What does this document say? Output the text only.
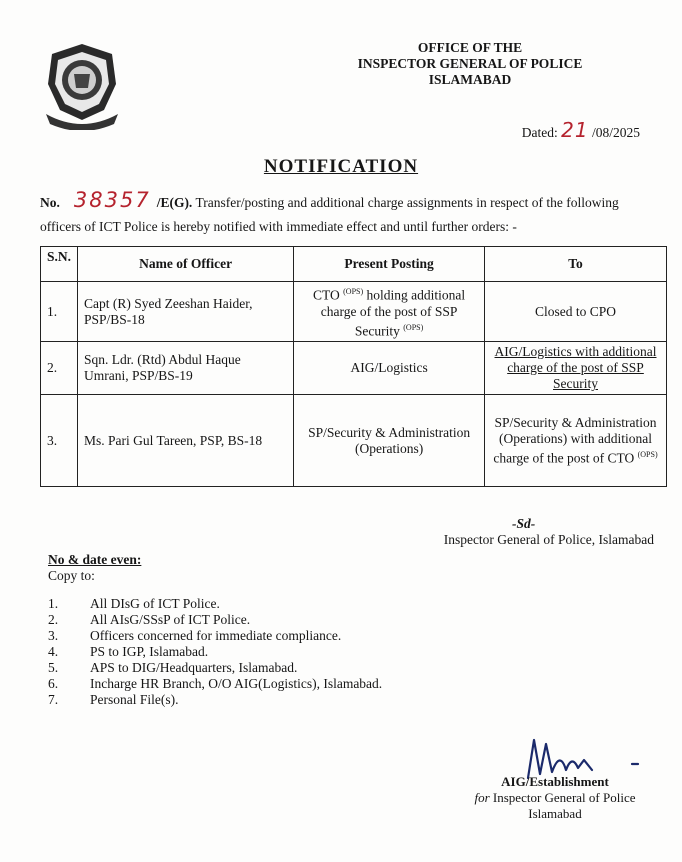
OFFICE OF THE
INSPECTOR GENERAL OF POLICE
ISLAMABAD
Dated: 21 /08/2025
NOTIFICATION
No. 38357 /E(G). Transfer/posting and additional charge assignments in respect of the following officers of ICT Police is hereby notified with immediate effect and until further orders: -
S.N.	Name of Officer	Present Posting	To
1.	Capt (R) Syed Zeeshan Haider, PSP/BS-18	CTO $^{(OPS)}$ holding additional charge of the post of SSP Security $^{(OPS)}$	Closed to CPO
2.	Sqn. Ldr. (Rtd) Abdul Haque Umrani, PSP/BS-19	AIG/Logistics	AIG/Logistics with additional charge of the post of SSP Security
3.	Ms. Pari Gul Tareen, PSP, BS-18	SP/Security & Administration (Operations)	SP/Security & Administration (Operations) with additional charge of the post of CTO $^{(OPS)}$
-Sd-
Inspector General of Police, Islamabad
No & date even:
Copy to:
1.	All DIsG of ICT Police.
2.	All AIsG/SSsP of ICT Police.
3.	Officers concerned for immediate compliance.
4.	PS to IGP, Islamabad.
5.	APS to DIG/Headquarters, Islamabad.
6.	Incharge HR Branch, O/O AIG(Logistics), Islamabad.
7.	Personal File(s).
AIG/Establishment
for Inspector General of Police
Islamabad
